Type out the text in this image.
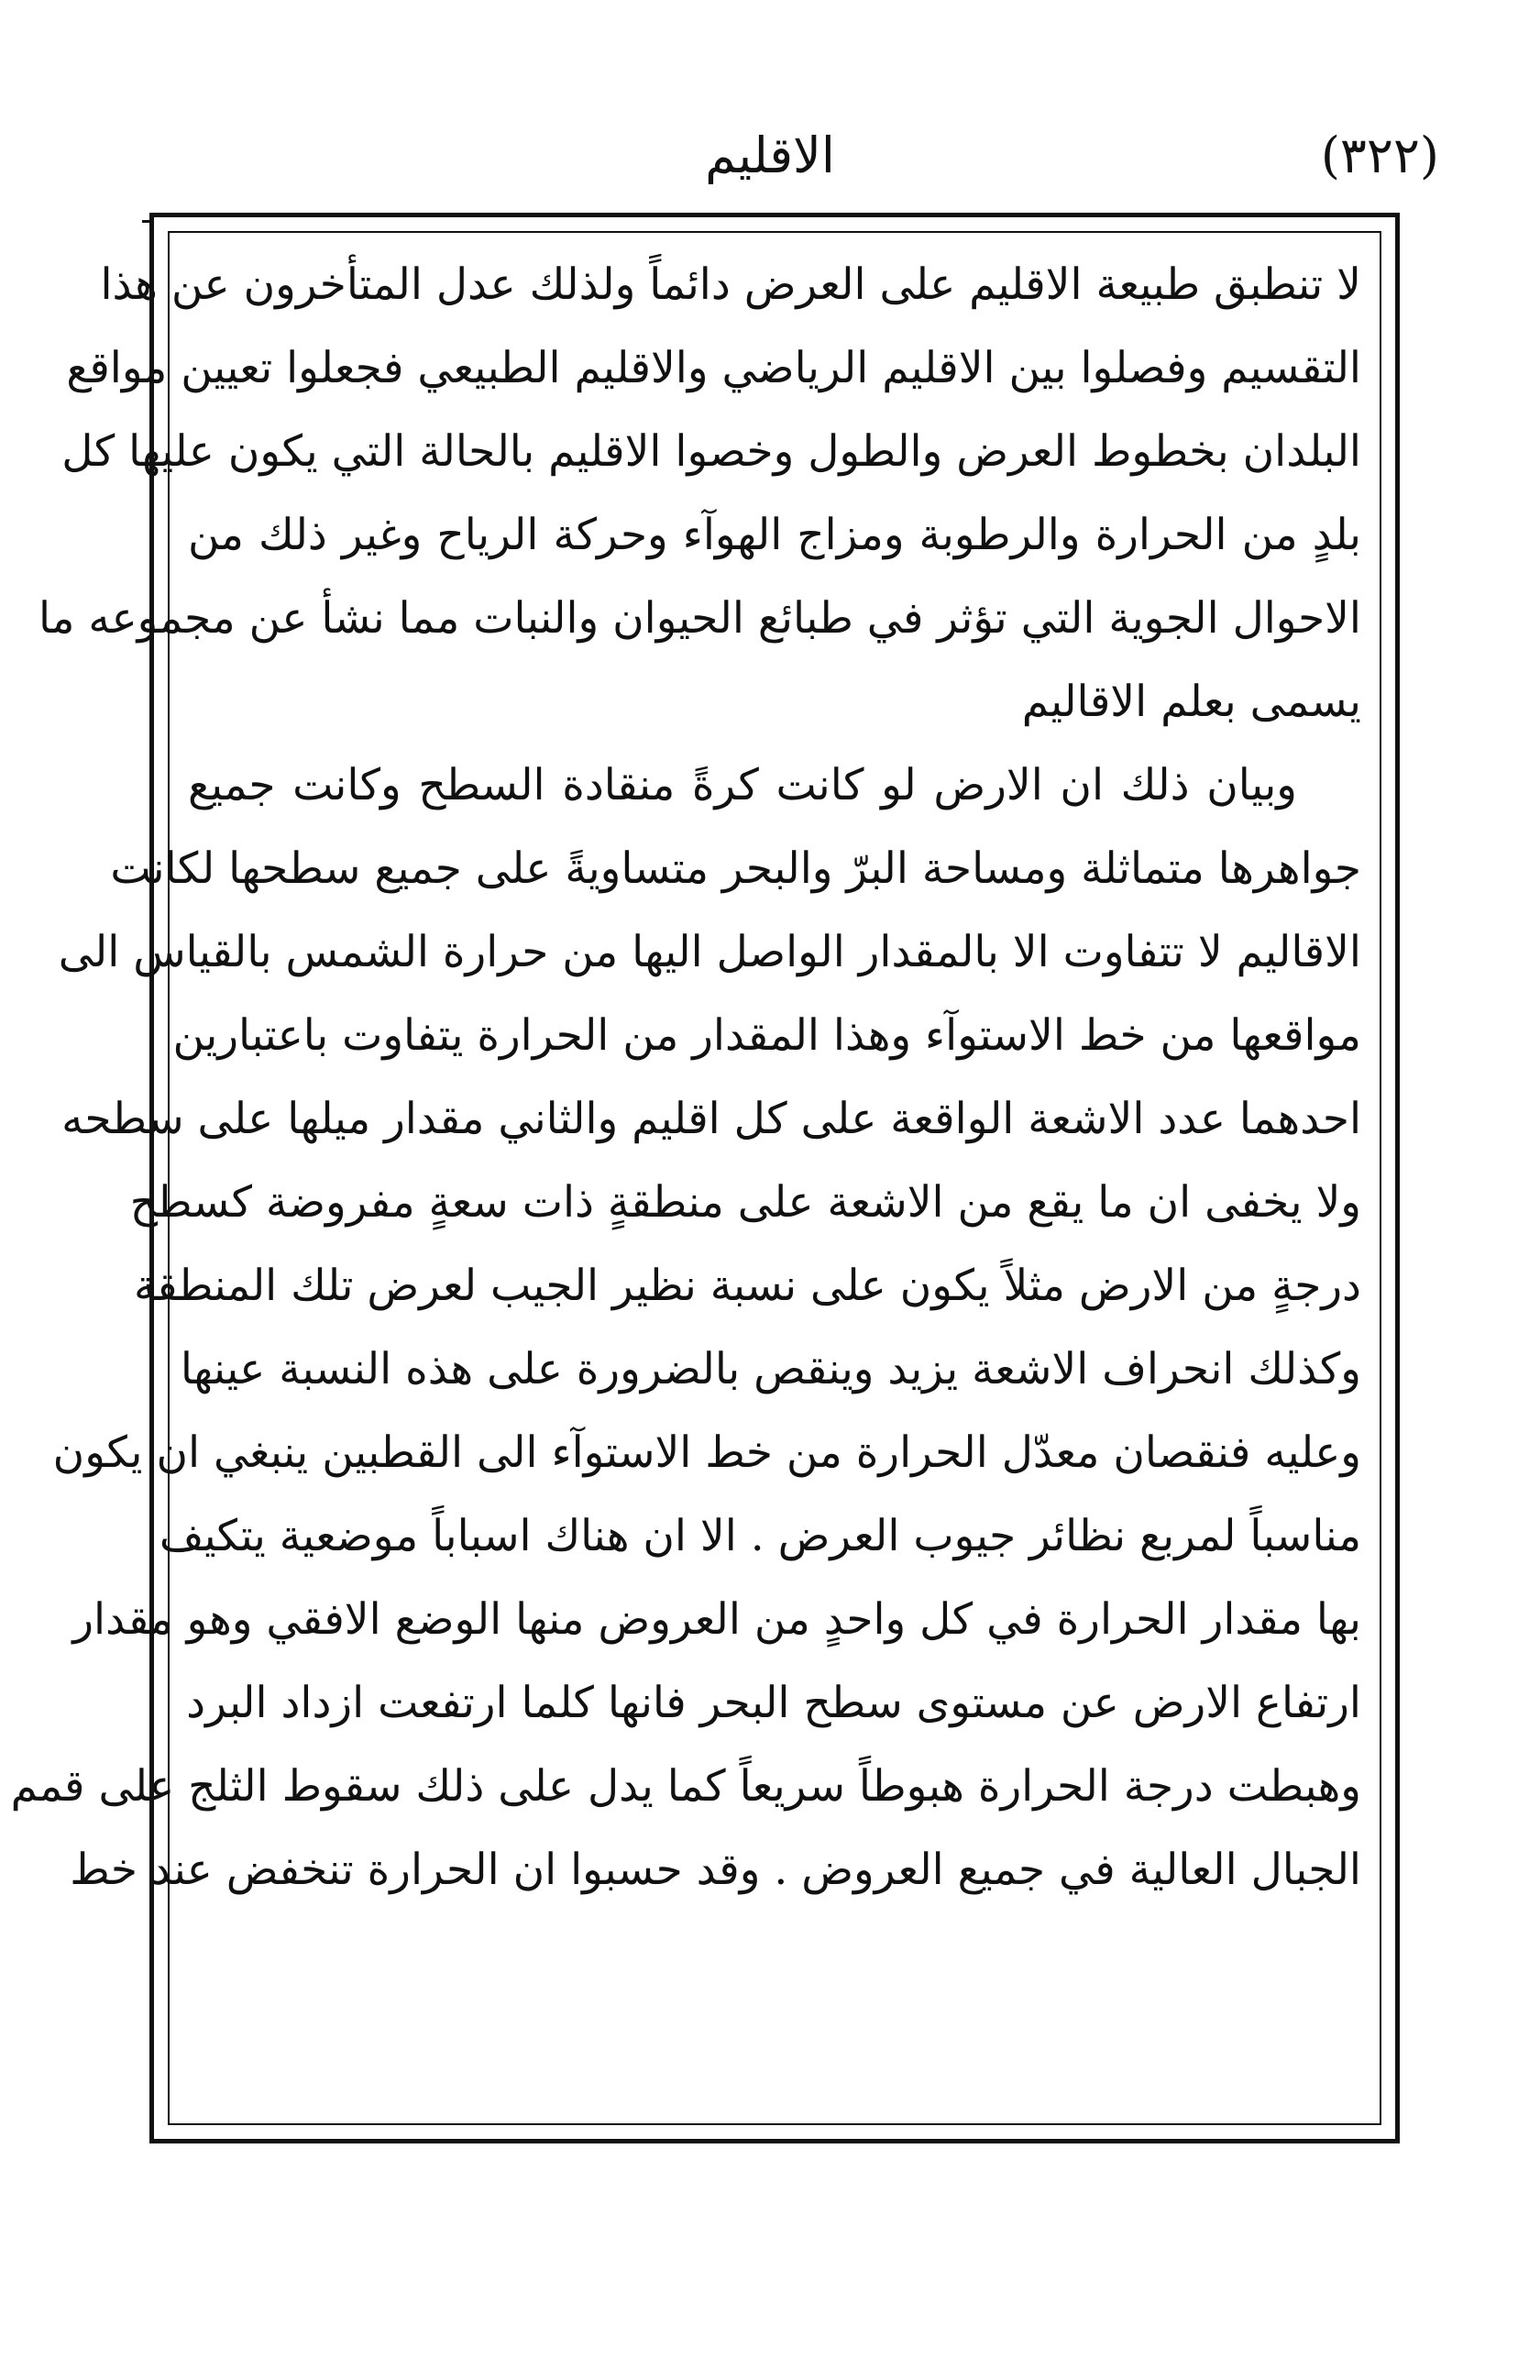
الاقليم	(٣٢٢)
لا تنطبق طبيعة الاقليم على العرض دائماً ولذلك عدل المتأخرون عن هذا
التقسيم وفصلوا بين الاقليم الرياضي والاقليم الطبيعي فجعلوا تعيين مواقع
البلدان بخطوط العرض والطول وخصوا الاقليم بالحالة التي يكون عليها كل
بلدٍ من الحرارة والرطوبة ومزاج الهوآء وحركة الرياح وغير ذلك من
الاحوال الجوية التي تؤثر في طبائع الحيوان والنبات مما نشأ عن مجموعه ما
يسمى بعلم الاقاليم
وبيان ذلك ان الارض لو كانت كرةً منقادة السطح وكانت جميع
جواهرها متماثلة ومساحة البرّ والبحر متساويةً على جميع سطحها لكانت
الاقاليم لا تتفاوت الا بالمقدار الواصل اليها من حرارة الشمس بالقياس الى
مواقعها من خط الاستوآء وهذا المقدار من الحرارة يتفاوت باعتبارين
احدهما عدد الاشعة الواقعة على كل اقليم والثاني مقدار ميلها على سطحه
ولا يخفى ان ما يقع من الاشعة على منطقةٍ ذات سعةٍ مفروضة كسطح
درجةٍ من الارض مثلاً يكون على نسبة نظير الجيب لعرض تلك المنطقة
وكذلك انحراف الاشعة يزيد وينقص بالضرورة على هذه النسبة عينها
وعليه فنقصان معدّل الحرارة من خط الاستوآء الى القطبين ينبغي ان يكون
مناسباً لمربع نظائر جيوب العرض . الا ان هناك اسباباً موضعية يتكيف
بها مقدار الحرارة في كل واحدٍ من العروض منها الوضع الافقي وهو مقدار
ارتفاع الارض عن مستوى سطح البحر فانها كلما ارتفعت ازداد البرد
وهبطت درجة الحرارة هبوطاً سريعاً كما يدل على ذلك سقوط الثلج على قمم
الجبال العالية في جميع العروض . وقد حسبوا ان الحرارة تنخفض عند خط
